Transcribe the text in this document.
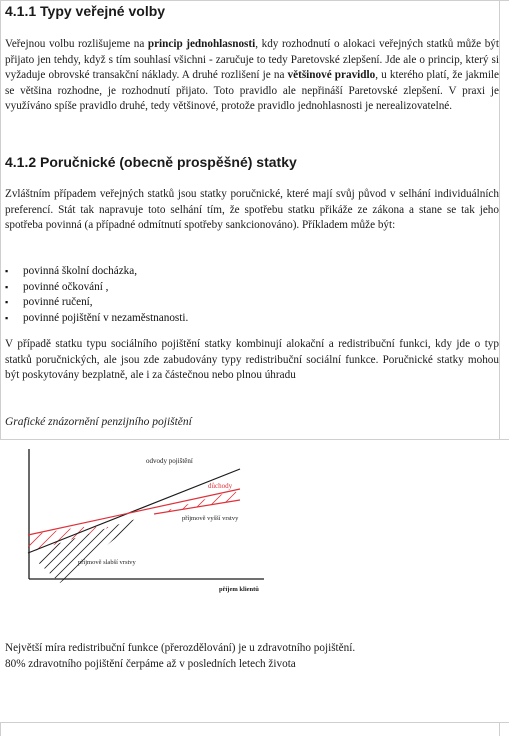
4.1.1 Typy veřejné volby

Veřejnou volbu rozlišujeme na princip jednohlasnosti, kdy rozhodnutí o alokaci veřejných statků může být přijato jen tehdy, když s tím souhlasí všichni - zaručuje to tedy Paretovské zlepšení. Jde ale o princip, který si vyžaduje obrovské transakční náklady. A druhé rozlišení je na většinové pravidlo, u kterého platí, že jakmile se většina rozhodne, je rozhodnutí přijato. Toto pravidlo ale nepřináší Paretovské zlepšení. V praxi je využíváno spíše pravidlo druhé, tedy většinové, protože pravidlo jednohlasnosti je nerealizovatelné.

4.1.2 Poručnické (obecně prospěšné) statky

Zvláštním případem veřejných statků jsou statky poručnické, které mají svůj původ v selhání individuálních preferencí. Stát tak napravuje toto selhání tím, že spotřebu statku přikáže ze zákona a stane se tak jeho spotřeba povinná (a případné odmítnutí spotřeby sankcionováno). Příkladem může být:

▪ povinná školní docházka,
▪ povinné očkování ,
▪ povinné ručení,
▪ povinné pojištění v nezaměstnanosti.

V případě statku typu sociálního pojištění statky kombinují alokační a redistribuční funkci, kdy jde o typ statků poručnických, ale jsou zde zabudovány typy redistribuční sociální funkce. Poručnické statky mohou být poskytovány bezplatně, ale i za částečnou nebo plnou úhradu

Grafické znázornění penzijního pojištění

odvody pojištění
důchody
příjmově vyšší vrstvy
příjmově slabší vrstvy
příjem klientů

Největší míra redistribuční funkce (přerozdělování) je u zdravotního pojištění.
80% zdravotního pojištění čerpáme až v posledních letech života
